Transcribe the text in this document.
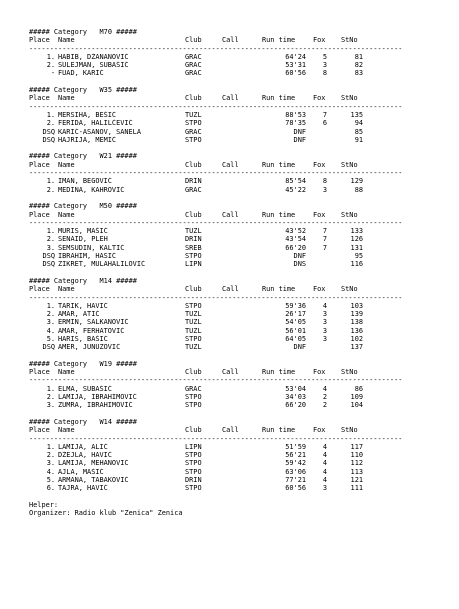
##### Category   M70 #####
Place Name	Club	Call	Run time	Fox StNo
------------------------------------------------------------------------------------------
1. HABIB, DŽANANOVIĆ	GRAC	64'24	5	81
2. SULEJMAN, SUBAŠIĆ	GRAC	53'31	3	82
- FUAD, KARIĆ	GRAC	60'56	8	83
##### Category   W35 #####
Place Name	Club	Call	Run time	Fox StNo
------------------------------------------------------------------------------------------
1. MERSIHA, BEŠIĆ	TUZL	88'53	7	135
2. FERIDA, HALILČEVIĆ	STPO	78'35	6	94
DSQ KARIĆ-ASANOV, SANELA	GRAC	DNF	85
DSQ HAJRIJA, MEMIĆ	STPO	DNF	91
##### Category   W21 #####
Place Name	Club	Call	Run time	Fox StNo
------------------------------------------------------------------------------------------
1. IMAN, BEGOVIĆ	DRIN	85'54	8	129
2. MEDINA, KAHROVIĆ	GRAC	45'22	3	88
##### Category   M50 #####
Place Name	Club	Call	Run time	Fox StNo
------------------------------------------------------------------------------------------
1. MURIS, MAŠIĆ	TUZL	43'52	7	133
2. SENAID, PLEH	DRIN	43'54	7	126
3. ŠEMSUDIN, KALTIĆ	SREB	66'20	7	131
DSQ IBRAHIM, HASIĆ	STPO	DNF	95
DSQ ZIKRET, MULAHALILOVIĆ	LIPN	DNS	116
##### Category   M14 #####
Place Name	Club	Call	Run time	Fox StNo
------------------------------------------------------------------------------------------
1. TARIK, HAVIĆ	STPO	59'36	4	103
2. AMAR, ATIĆ	TUZL	26'17	3	139
3. ERMIN, SALKANOVIĆ	TUZL	54'05	3	138
4. AMAR, FERHATOVIĆ	TUZL	56'01	3	136
5. HARIS, BAŠIĆ	STPO	64'05	3	102
DSQ AMER, JUNUZOVIĆ	TUZL	DNF	137
##### Category   W19 #####
Place Name	Club	Call	Run time	Fox StNo
------------------------------------------------------------------------------------------
1. ELMA, SUBAŠIĆ	GRAC	53'04	4	86
2. LAMIJA, IBRAHIMOVIĆ	STPO	34'03	2	109
3. ZUMRA, IBRAHIMOVIĆ	STPO	66'20	2	104
##### Category   W14 #####
Place Name	Club	Call	Run time	Fox StNo
------------------------------------------------------------------------------------------
1. LAMIJA, ALIĆ	LIPN	51'59	4	117
2. DŽEJLA, HAVIĆ	STPO	56'21	4	110
3. LAMIJA, MEHANOVIĆ	STPO	59'42	4	112
4. AJLA, MAŠIĆ	STPO	63'06	4	113
5. ARMANA, TABAKOVIĆ	DRIN	77'21	4	121
6. TAJRA, HAVIĆ	STPO	60'56	3	111
Helper:
Organizer: Radio klub "Zenica" Zenica
